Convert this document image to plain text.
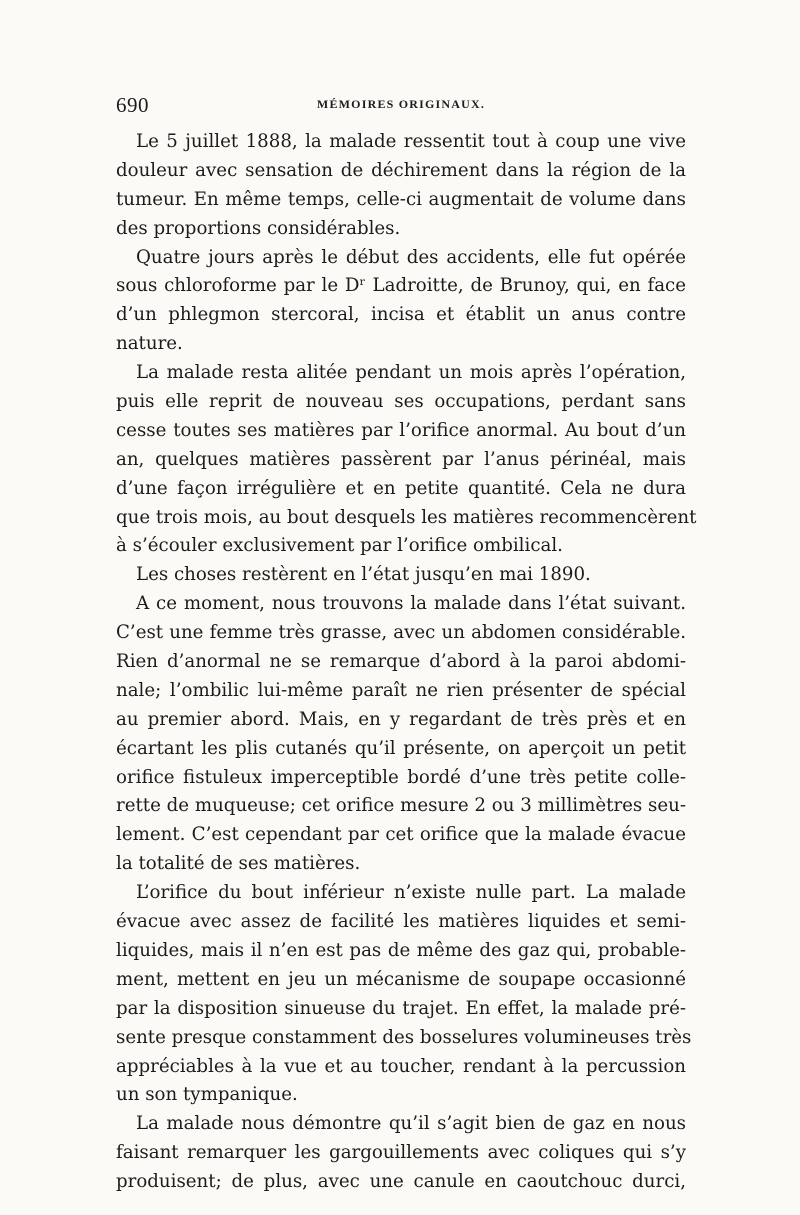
690	MÉMOIRES ORIGINAUX.
Le 5 juillet 1888, la malade ressentit tout à coup une vive
douleur avec sensation de déchirement dans la région de la
tumeur. En même temps, celle-ci augmentait de volume dans
des proportions considérables.
Quatre jours après le début des accidents, elle fut opérée
sous chloroforme par le Dʳ Ladroitte, de Brunoy, qui, en face
d’un phlegmon stercoral, incisa et établit un anus contre
nature.
La malade resta alitée pendant un mois après l’opération,
puis elle reprit de nouveau ses occupations, perdant sans
cesse toutes ses matières par l’orifice anormal. Au bout d’un
an, quelques matières passèrent par l’anus périnéal, mais
d’une façon irrégulière et en petite quantité. Cela ne dura
que trois mois, au bout desquels les matières recommencèrent
à s’écouler exclusivement par l’orifice ombilical.
Les choses restèrent en l’état jusqu’en mai 1890.
A ce moment, nous trouvons la malade dans l’état suivant.
C’est une femme très grasse, avec un abdomen considérable.
Rien d’anormal ne se remarque d’abord à la paroi abdomi-
nale; l’ombilic lui-même paraît ne rien présenter de spécial
au premier abord. Mais, en y regardant de très près et en
écartant les plis cutanés qu’il présente, on aperçoit un petit
orifice fistuleux imperceptible bordé d’une très petite colle-
rette de muqueuse; cet orifice mesure 2 ou 3 millimètres seu-
lement. C’est cependant par cet orifice que la malade évacue
la totalité de ses matières.
L’orifice du bout inférieur n’existe nulle part. La malade
évacue avec assez de facilité les matières liquides et semi-
liquides, mais il n’en est pas de même des gaz qui, probable-
ment, mettent en jeu un mécanisme de soupape occasionné
par la disposition sinueuse du trajet. En effet, la malade pré-
sente presque constamment des bosselures volumineuses très
appréciables à la vue et au toucher, rendant à la percussion
un son tympanique.
La malade nous démontre qu’il s’agit bien de gaz en nous
faisant remarquer les gargouillements avec coliques qui s’y
produisent; de plus, avec une canule en caoutchouc durci,
